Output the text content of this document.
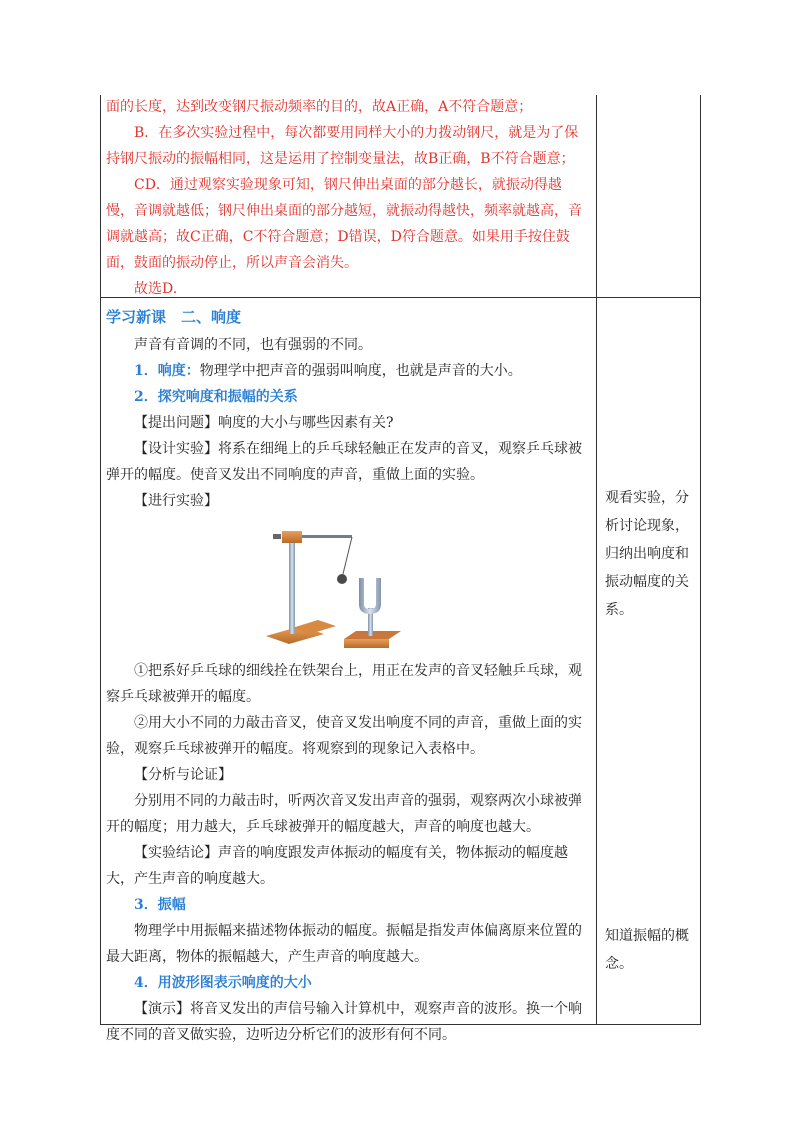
面的长度，达到改变钢尺振动频率的目的，故A正确，A不符合题意；

B．在多次实验过程中，每次都要用同样大小的力拨动钢尺，就是为了保

持钢尺振动的振幅相同，这是运用了控制变量法，故B正确，B不符合题意；

CD．通过观察实验现象可知，钢尺伸出桌面的部分越长，就振动得越

慢，音调就越低；钢尺伸出桌面的部分越短，就振动得越快，频率就越高，音

调就越高；故C正确，C不符合题意；D错误，D符合题意。如果用手按住鼓

面，鼓面的振动停止，所以声音会消失。

故选D.

学习新课　二、响度

声音有音调的不同，也有强弱的不同。

1．响度：物理学中把声音的强弱叫响度，也就是声音的大小。

2．探究响度和振幅的关系

【提出问题】响度的大小与哪些因素有关?

【设计实验】将系在细绳上的乒乓球轻触正在发声的音叉，观察乒乓球被

弹开的幅度。使音叉发出不同响度的声音，重做上面的实验。

【进行实验】

①把系好乒乓球的细线拴在铁架台上，用正在发声的音叉轻触乒乓球，观

察乒乓球被弹开的幅度。

②用大小不同的力敲击音叉，使音叉发出响度不同的声音，重做上面的实

验，观察乒乓球被弹开的幅度。将观察到的现象记入表格中。

【分析与论证】

分别用不同的力敲击时，听两次音叉发出声音的强弱，观察两次小球被弹

开的幅度；用力越大，乒乓球被弹开的幅度越大，声音的响度也越大。

【实验结论】声音的响度跟发声体振动的幅度有关，物体振动的幅度越

大，产生声音的响度越大。

3．振幅

物理学中用振幅来描述物体振动的幅度。振幅是指发声体偏离原来位置的

最大距离，物体的振幅越大，产生声音的响度越大。

4．用波形图表示响度的大小

【演示】将音叉发出的声信号输入计算机中，观察声音的波形。换一个响

度不同的音叉做实验，边听边分析它们的波形有何不同。

观看实验，分

析讨论现象，

归纳出响度和

振动幅度的关

系。

知道振幅的概

念。
